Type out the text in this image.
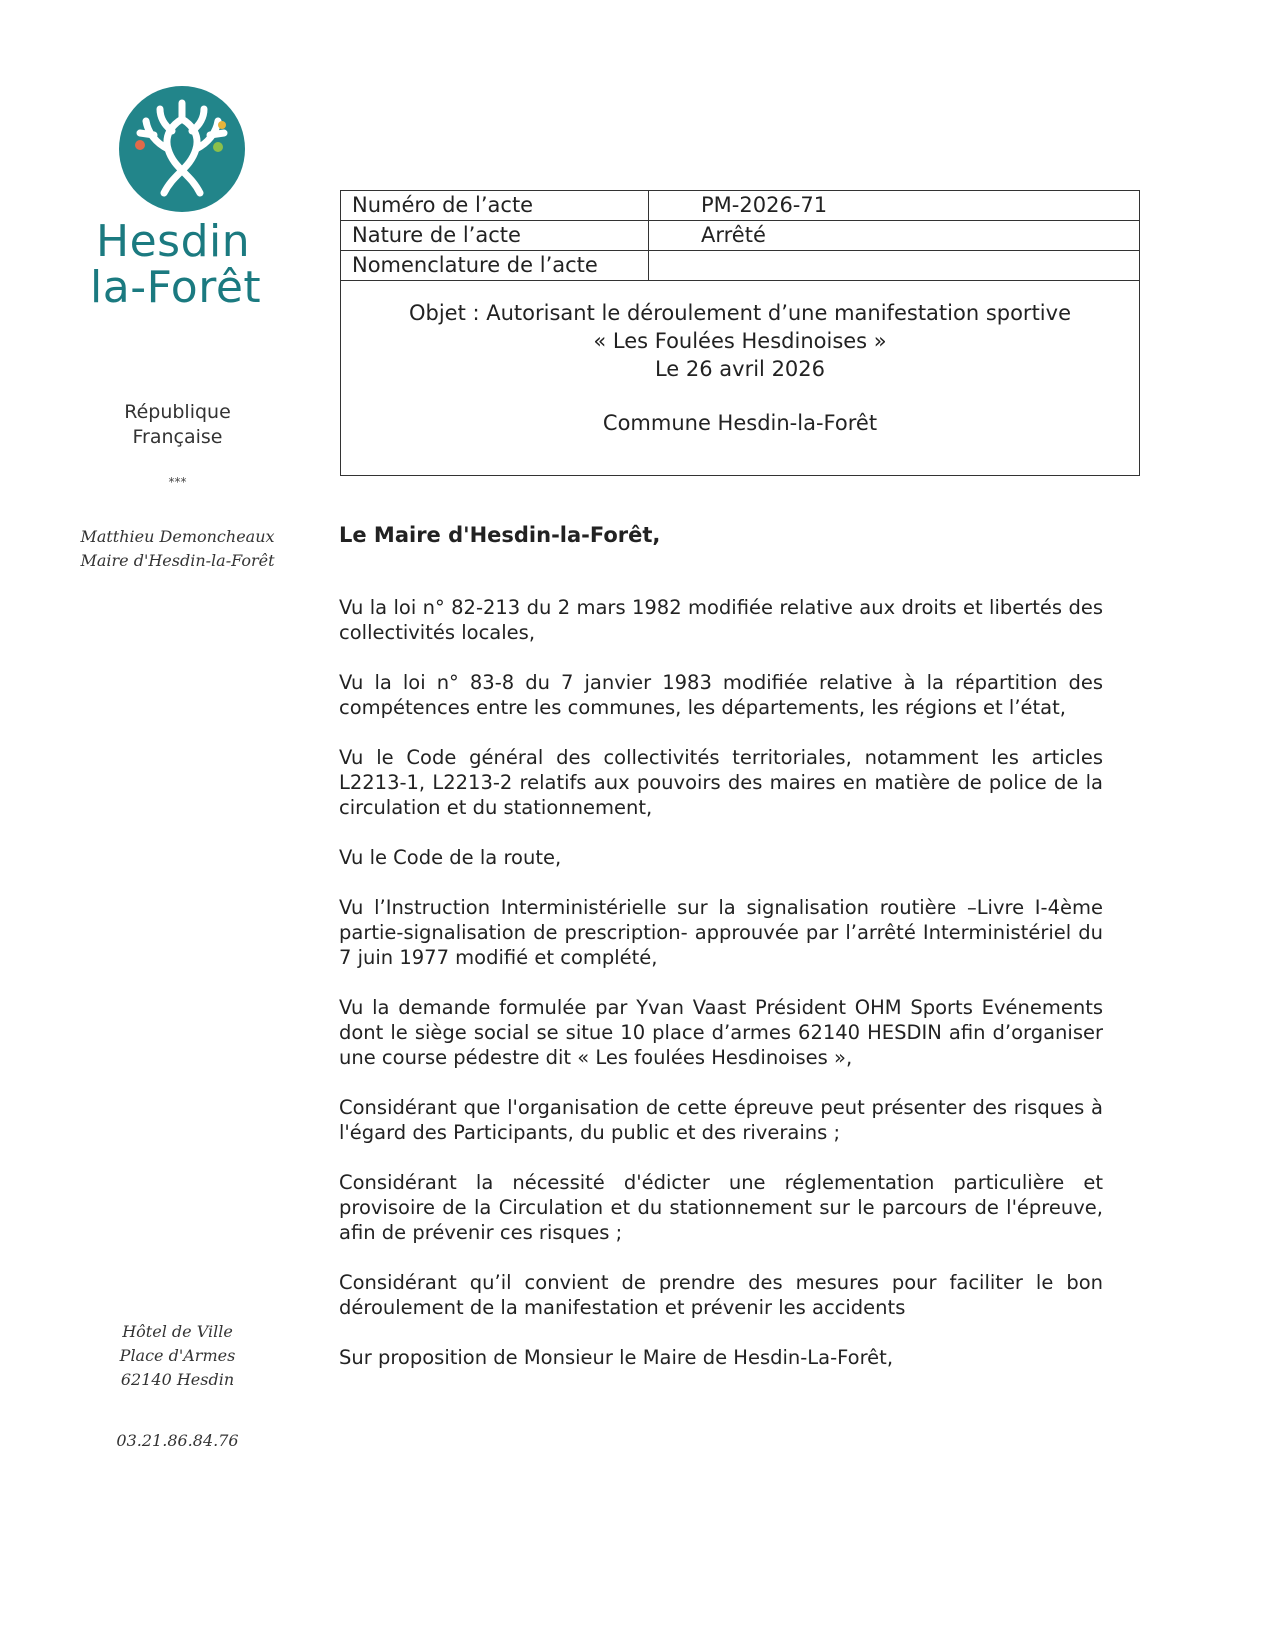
Hesdin
la-Forêt
République
Française
***
Matthieu Demoncheaux
Maire d'Hesdin-la-Forêt
Hôtel de Ville
Place d'Armes
62140 Hesdin
03.21.86.84.76
Numéro de l’acte	PM-2026-71
Nature de l’acte	Arrêté
Nomenclature de l’acte
Objet : Autorisant le déroulement d’une manifestation sportive
« Les Foulées Hesdinoises »
Le 26 avril 2026
Commune Hesdin-la-Forêt
Le Maire d'Hesdin-la-Forêt,

Vu la loi n° 82-213 du 2 mars 1982 modifiée relative aux droits et libertés des collectivités locales,

Vu la loi n° 83-8 du 7 janvier 1983 modifiée relative à la répartition des compétences entre les communes, les départements, les régions et l’état,

Vu le Code général des collectivités territoriales, notamment les articles L2213-1, L2213-2 relatifs aux pouvoirs des maires en matière de police de la circulation et du stationnement,

Vu le Code de la route,

Vu l’Instruction Interministérielle sur la signalisation routière –Livre I-4ème partie-signalisation de prescription- approuvée par l’arrêté Interministériel du 7 juin 1977 modifié et complété,

Vu la demande formulée par Yvan Vaast Président OHM Sports Evénements dont le siège social se situe 10 place d’armes 62140 HESDIN afin d’organiser une course pédestre dit « Les foulées Hesdinoises »,

Considérant que l'organisation de cette épreuve peut présenter des risques à l'égard des Participants, du public et des riverains ;

Considérant la nécessité d'édicter une réglementation particulière et provisoire de la Circulation et du stationnement sur le parcours de l'épreuve, afin de prévenir ces risques ;

Considérant qu’il convient de prendre des mesures pour faciliter le bon déroulement de la manifestation et prévenir les accidents

Sur proposition de Monsieur le Maire de Hesdin-La-Forêt,
